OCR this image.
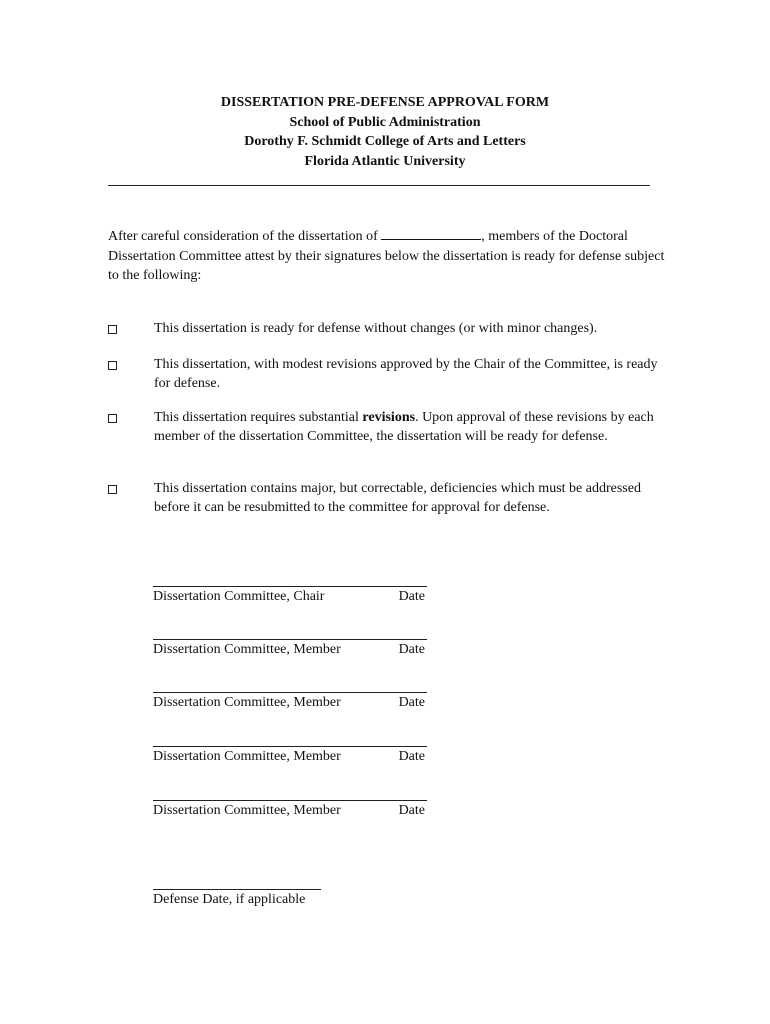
DISSERTATION PRE-DEFENSE APPROVAL FORM
School of Public Administration
Dorothy F. Schmidt College of Arts and Letters
Florida Atlantic University
After careful consideration of the dissertation of	, members of the Doctoral Dissertation Committee attest by their signatures below the dissertation is ready for defense subject to the following:
This dissertation is ready for defense without changes (or with minor changes).
This dissertation, with modest revisions approved by the Chair of the Committee, is ready for defense.
This dissertation requires substantial revisions. Upon approval of these revisions by each member of the dissertation Committee, the dissertation will be ready for defense.
This dissertation contains major, but correctable, deficiencies which must be addressed before it can be resubmitted to the committee for approval for defense.
Dissertation Committee, Chair	Date
Dissertation Committee, Member	Date
Dissertation Committee, Member	Date
Dissertation Committee, Member	Date
Dissertation Committee, Member	Date
Defense Date, if applicable
